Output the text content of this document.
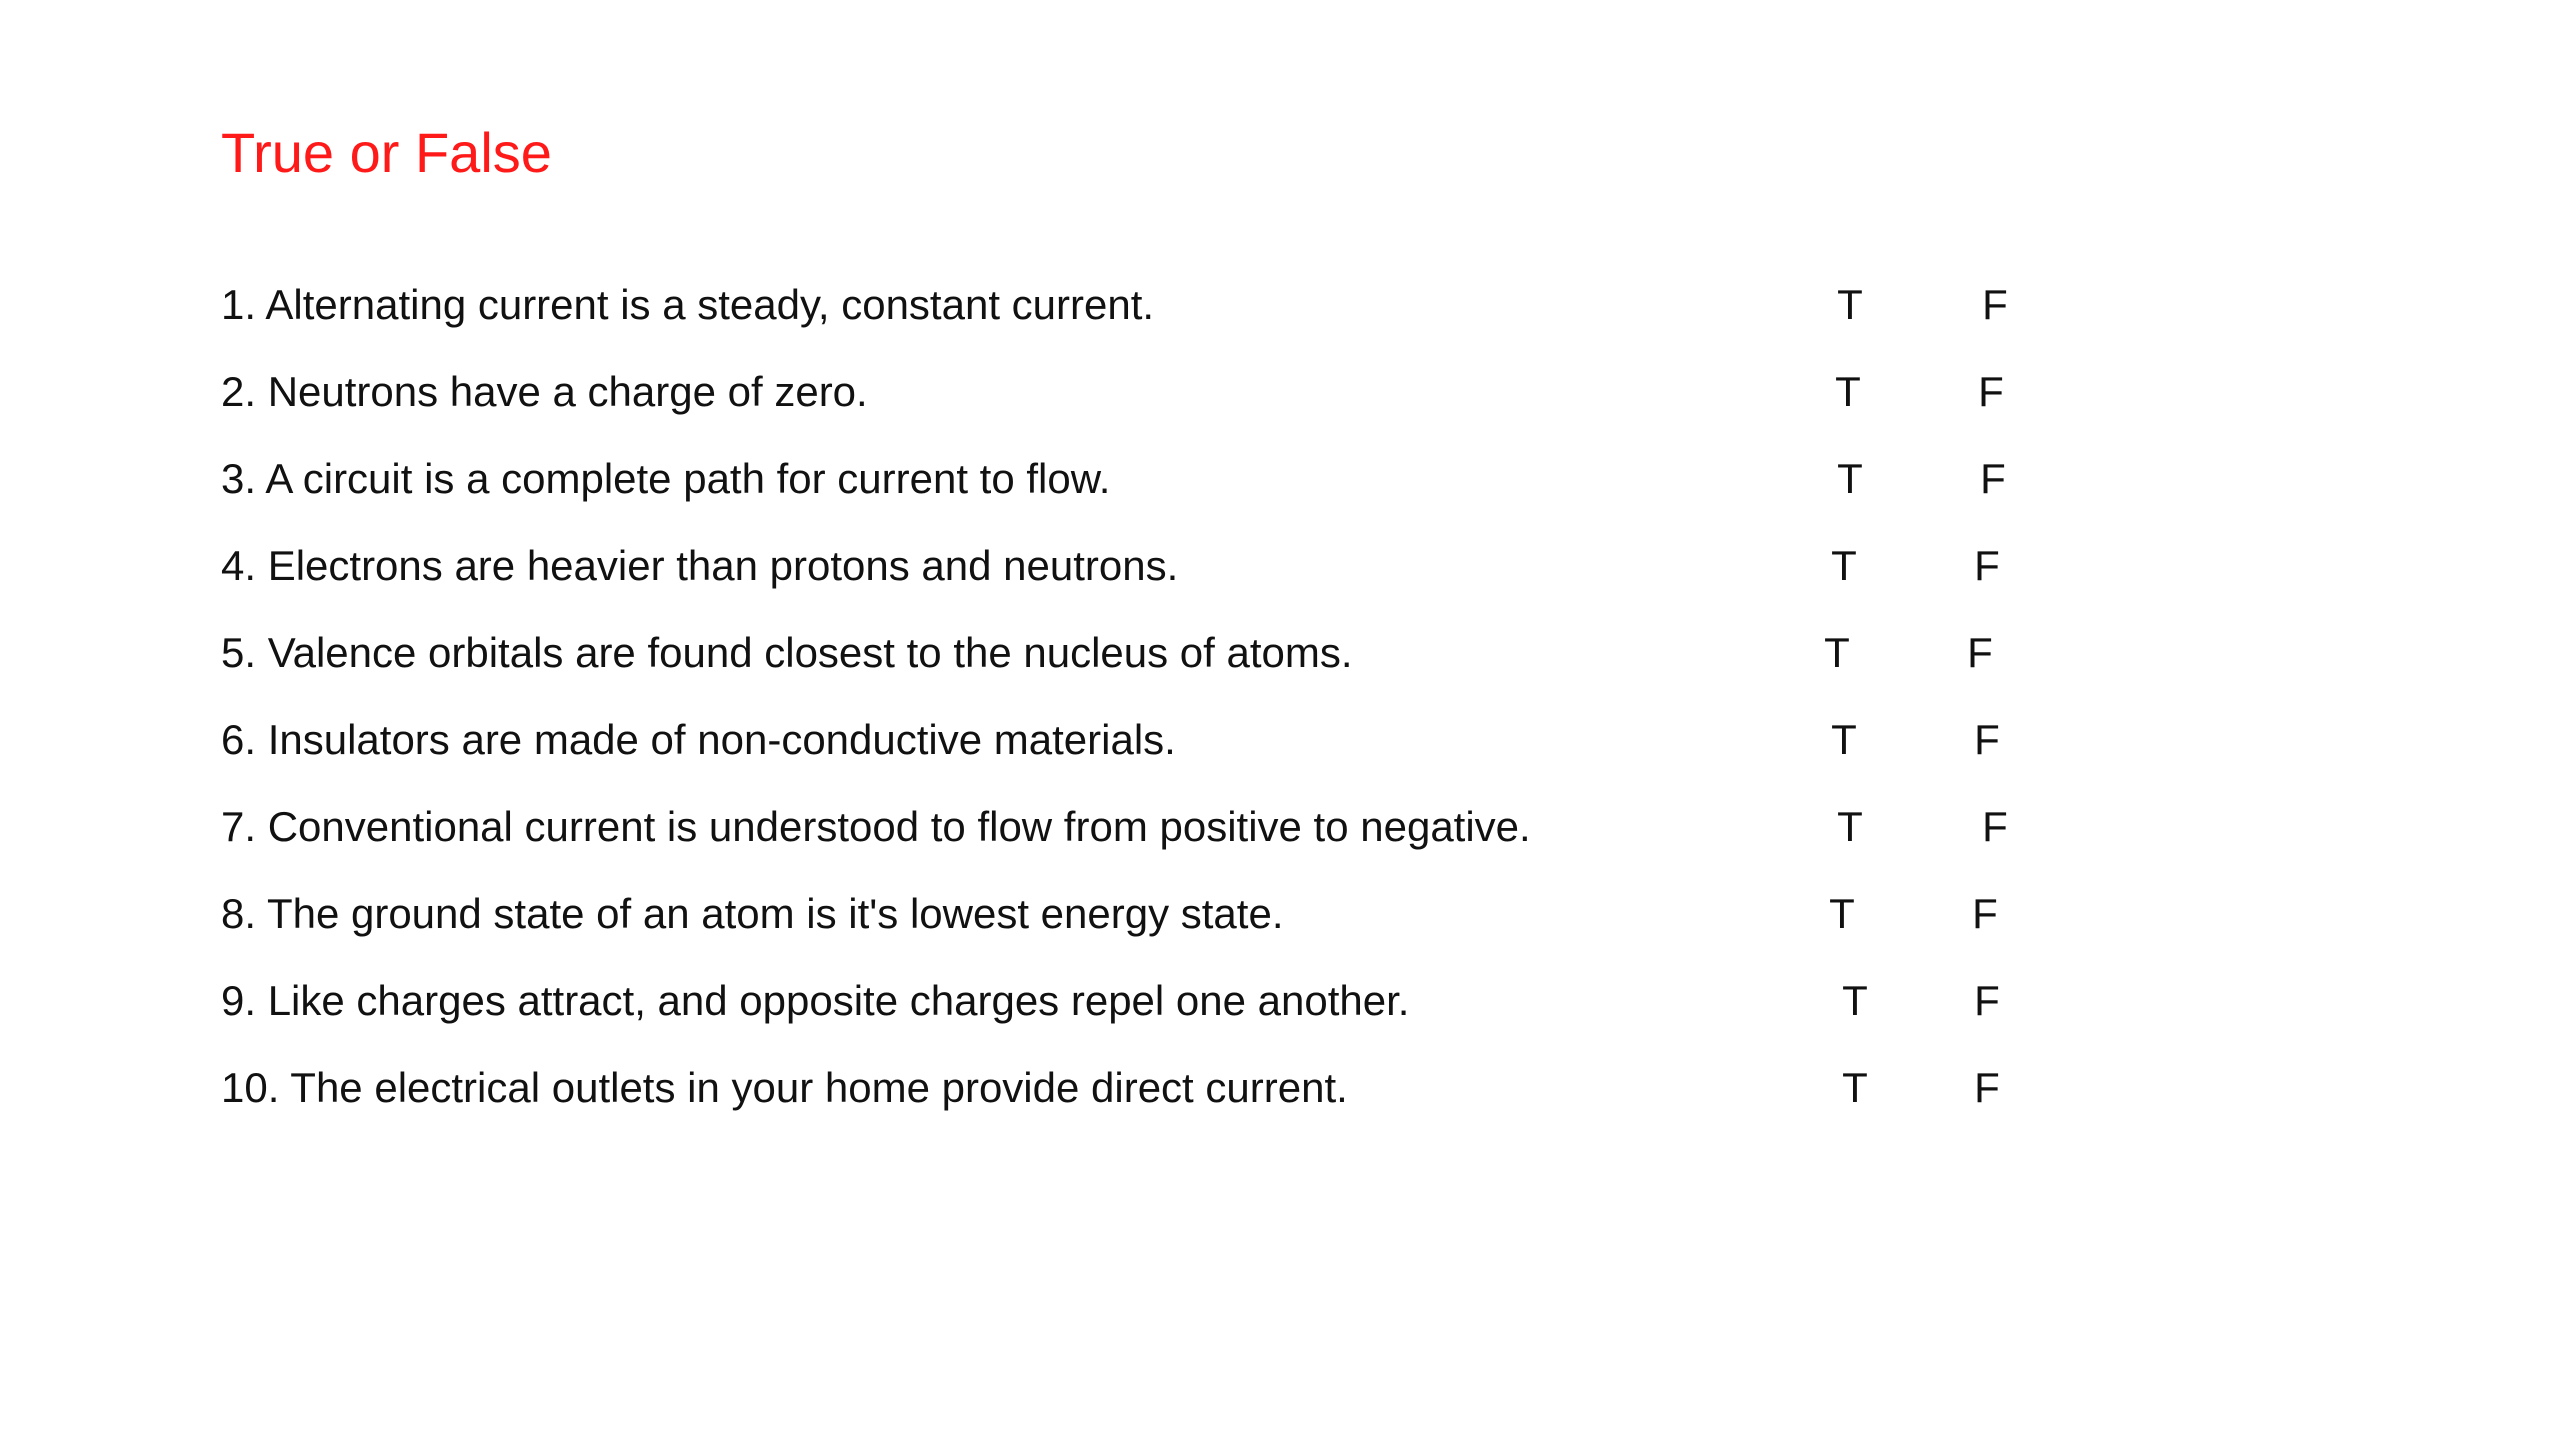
True or False
1. Alternating current is a steady, constant current.	T	F
2. Neutrons have a charge of zero.	T	F
3. A circuit is a complete path for current to flow.	T	F
4. Electrons are heavier than protons and neutrons.	T	F
5. Valence orbitals are found closest to the nucleus of atoms.	T	F
6. Insulators are made of non-conductive materials.	T	F
7. Conventional current is understood to flow from positive to negative.	T	F
8. The ground state of an atom is it's lowest energy state.	T	F
9. Like charges attract, and opposite charges repel one another.	T	F
10. The electrical outlets in your home provide direct current.	T	F
